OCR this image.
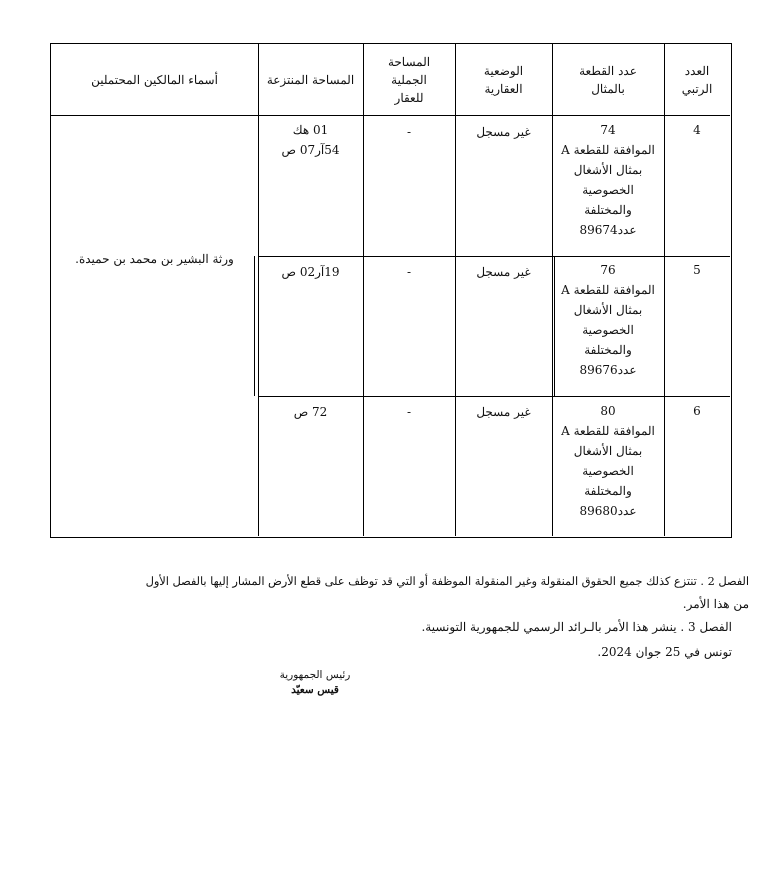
العدد
الرتبي
عدد القطعة
بالمثال
الوضعية
العقارية
المساحة
الجملية
للعقار
المساحة المنتزعة
أسماء المالكين المحتملين
ورثة البشير بن محمد بن حميدة.
4
74
الموافقة للقطعة A
بمثال الأشغال
الخصوصية
والمختلفة
عدد89674
غير مسجل
-
01 هك
54آر07 ص
5
76
الموافقة للقطعة A
بمثال الأشغال
الخصوصية
والمختلفة
عدد89676
غير مسجل
-
19آر02 ص
6
80
الموافقة للقطعة A
بمثال الأشغال
الخصوصية
والمختلفة
عدد89680
غير مسجل
-
72 ص
الفصل 2 . تنتزع كذلك جميع الحقوق المنقولة وغير المنقولة الموظفة أو التي قد توظف على قطع الأرض المشار إليها بالفصل الأول
من هذا الأمر.
الفصل 3 . ينشر هذا الأمر بالـرائد الرسمي للجمهورية التونسية.
تونس في 25 جوان 2024.
رئيس الجمهورية
قيس سعيّد
